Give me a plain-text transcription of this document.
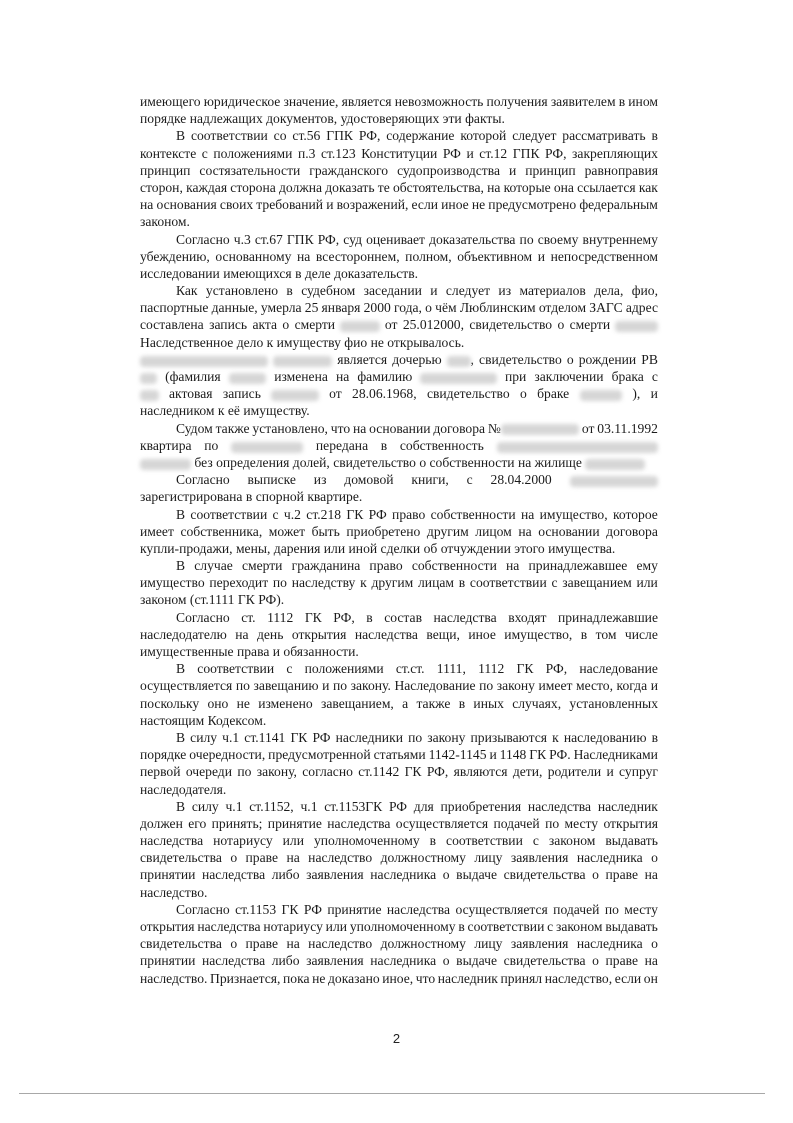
имеющего юридическое значение, является невозможность получения заявителем в ином
порядке надлежащих документов, удостоверяющих эти факты.
В соответствии со ст.56 ГПК РФ, содержание которой следует рассматривать в
контексте с положениями п.3 ст.123 Конституции РФ и ст.12 ГПК РФ, закрепляющих
принцип состязательности гражданского судопроизводства и принцип равноправия
сторон, каждая сторона должна доказать те обстоятельства, на которые она ссылается как
на основания своих требований и возражений, если иное не предусмотрено федеральным
законом.
Согласно ч.3 ст.67 ГПК РФ, суд оценивает доказательства по своему внутреннему
убеждению, основанному на всестороннем, полном, объективном и непосредственном
исследовании имеющихся в деле доказательств.
Как установлено в судебном заседании и следует из материалов дела, фио,
паспортные данные, умерла 25 января 2000 года, о чём Люблинским отделом ЗАГС адрес
составлена запись акта о смерти	от 25.012000, свидетельство о смерти
Наследственное дело к имуществу фио не открывалось.
является дочерью	, свидетельство о рождении РВ
(фамилия	изменена на фамилию	при заключении брака с
актовая запись	от 28.06.1968, свидетельство о браке	), и
наследником к её имуществу.
Судом также установлено, что на основании договора №	от 03.11.1992
квартира по	передана в собственность
без определения долей, свидетельство о собственности на жилище
Согласно выписке из домовой книги, с 28.04.2000
зарегистрирована в спорной квартире.
В соответствии с ч.2 ст.218 ГК РФ право собственности на имущество, которое
имеет собственника, может быть приобретено другим лицом на основании договора
купли-продажи, мены, дарения или иной сделки об отчуждении этого имущества.
В случае смерти гражданина право собственности на принадлежавшее ему
имущество переходит по наследству к другим лицам в соответствии с завещанием или
законом (ст.1111 ГК РФ).
Согласно ст. 1112 ГК РФ, в состав наследства входят принадлежавшие
наследодателю на день открытия наследства вещи, иное имущество, в том числе
имущественные права и обязанности.
В соответствии с положениями ст.ст. 1111, 1112 ГК РФ, наследование
осуществляется по завещанию и по закону. Наследование по закону имеет место, когда и
поскольку оно не изменено завещанием, а также в иных случаях, установленных
настоящим Кодексом.
В силу ч.1 ст.1141 ГК РФ наследники по закону призываются к наследованию в
порядке очередности, предусмотренной статьями 1142-1145 и 1148 ГК РФ. Наследниками
первой очереди по закону, согласно ст.1142 ГК РФ, являются дети, родители и супруг
наследодателя.
В силу ч.1 ст.1152, ч.1 ст.1153ГК РФ для приобретения наследства наследник
должен его принять; принятие наследства осуществляется подачей по месту открытия
наследства нотариусу или уполномоченному в соответствии с законом выдавать
свидетельства о праве на наследство должностному лицу заявления наследника о
принятии наследства либо заявления наследника о выдаче свидетельства о праве на
наследство.
Согласно ст.1153 ГК РФ принятие наследства осуществляется подачей по месту
открытия наследства нотариусу или уполномоченному в соответствии с законом выдавать
свидетельства о праве на наследство должностному лицу заявления наследника о
принятии наследства либо заявления наследника о выдаче свидетельства о праве на
наследство. Признается, пока не доказано иное, что наследник принял наследство, если он
2
